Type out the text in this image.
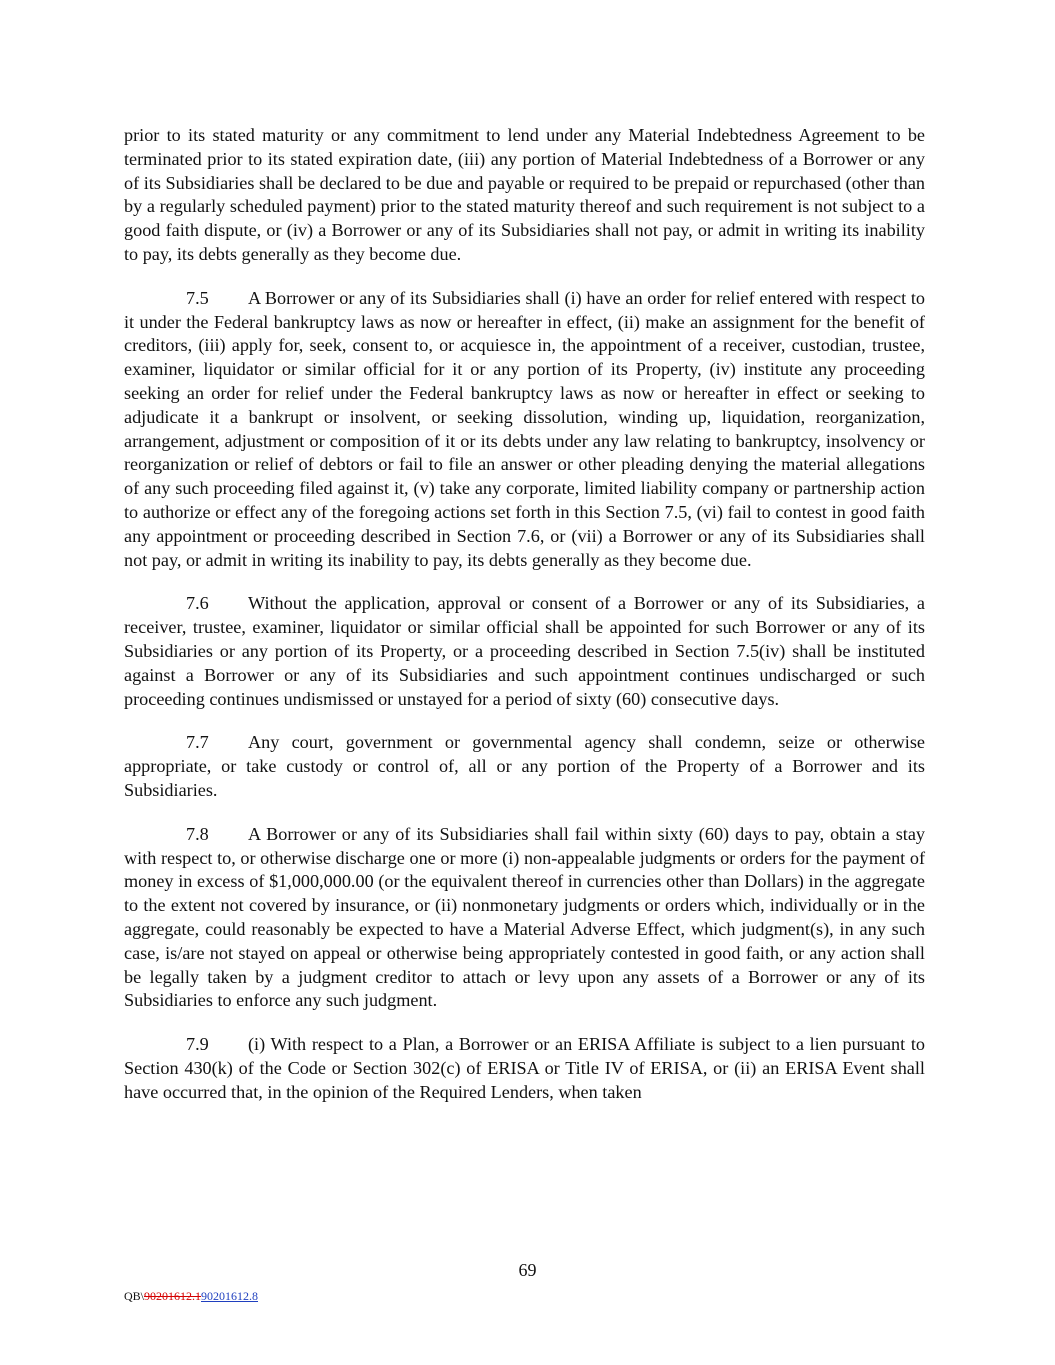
prior to its stated maturity or any commitment to lend under any Material Indebtedness Agreement to be terminated prior to its stated expiration date, (iii) any portion of Material Indebtedness of a Borrower or any of its Subsidiaries shall be declared to be due and payable or required to be prepaid or repurchased (other than by a regularly scheduled payment) prior to the stated maturity thereof and such requirement is not subject to a good faith dispute, or (iv) a Borrower or any of its Subsidiaries shall not pay, or admit in writing its inability to pay, its debts generally as they become due.

7.5 A Borrower or any of its Subsidiaries shall (i) have an order for relief entered with respect to it under the Federal bankruptcy laws as now or hereafter in effect, (ii) make an assignment for the benefit of creditors, (iii) apply for, seek, consent to, or acquiesce in, the appointment of a receiver, custodian, trustee, examiner, liquidator or similar official for it or any portion of its Property, (iv) institute any proceeding seeking an order for relief under the Federal bankruptcy laws as now or hereafter in effect or seeking to adjudicate it a bankrupt or insolvent, or seeking dissolution, winding up, liquidation, reorganization, arrangement, adjustment or composition of it or its debts under any law relating to bankruptcy, insolvency or reorganization or relief of debtors or fail to file an answer or other pleading denying the material allegations of any such proceeding filed against it, (v) take any corporate, limited liability company or partnership action to authorize or effect any of the foregoing actions set forth in this Section 7.5, (vi) fail to contest in good faith any appointment or proceeding described in Section 7.6, or (vii) a Borrower or any of its Subsidiaries shall not pay, or admit in writing its inability to pay, its debts generally as they become due.

7.6 Without the application, approval or consent of a Borrower or any of its Subsidiaries, a receiver, trustee, examiner, liquidator or similar official shall be appointed for such Borrower or any of its Subsidiaries or any portion of its Property, or a proceeding described in Section 7.5(iv) shall be instituted against a Borrower or any of its Subsidiaries and such appointment continues undischarged or such proceeding continues undismissed or unstayed for a period of sixty (60) consecutive days.

7.7 Any court, government or governmental agency shall condemn, seize or otherwise appropriate, or take custody or control of, all or any portion of the Property of a Borrower and its Subsidiaries.

7.8 A Borrower or any of its Subsidiaries shall fail within sixty (60) days to pay, obtain a stay with respect to, or otherwise discharge one or more (i) non-appealable judgments or orders for the payment of money in excess of $1,000,000.00 (or the equivalent thereof in currencies other than Dollars) in the aggregate to the extent not covered by insurance, or (ii) nonmonetary judgments or orders which, individually or in the aggregate, could reasonably be expected to have a Material Adverse Effect, which judgment(s), in any such case, is/are not stayed on appeal or otherwise being appropriately contested in good faith, or any action shall be legally taken by a judgment creditor to attach or levy upon any assets of a Borrower or any of its Subsidiaries to enforce any such judgment.

7.9 (i) With respect to a Plan, a Borrower or an ERISA Affiliate is subject to a lien pursuant to Section 430(k) of the Code or Section 302(c) of ERISA or Title IV of ERISA, or (ii) an ERISA Event shall have occurred that, in the opinion of the Required Lenders, when taken

69
QB\90201612.190201612.8
